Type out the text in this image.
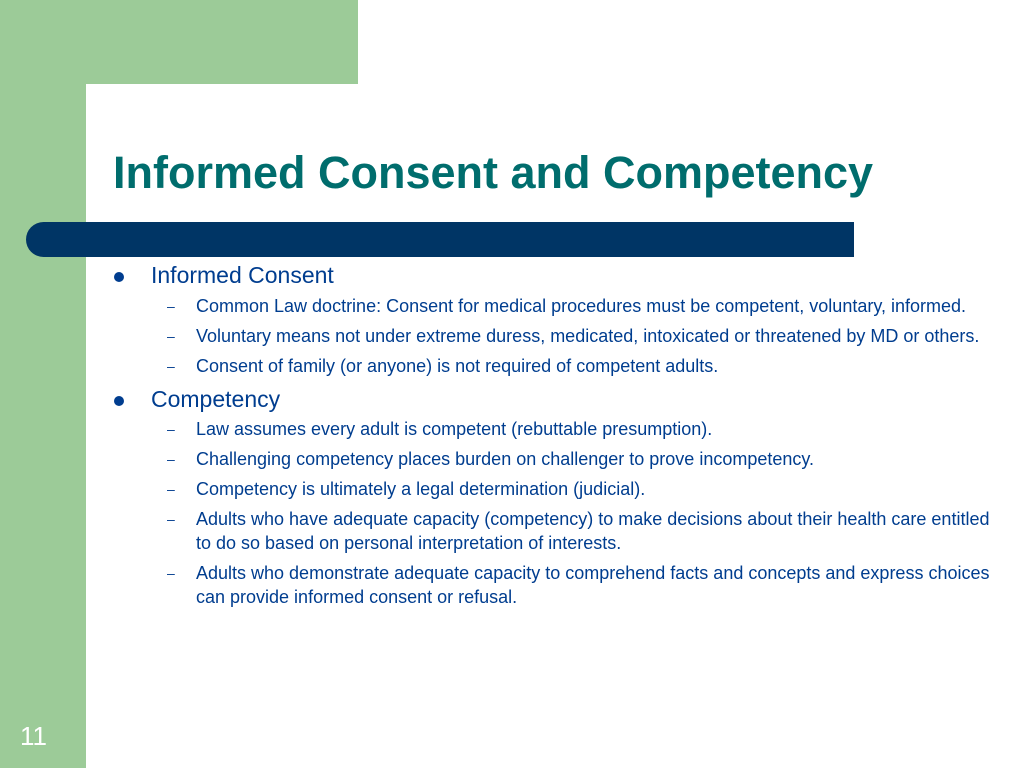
Informed Consent and Competency
Informed Consent
– Common Law doctrine: Consent for medical procedures must be competent, voluntary, informed.
– Voluntary means not under extreme duress, medicated, intoxicated or threatened by MD or others.
– Consent of family (or anyone) is not required of competent adults.
Competency
– Law assumes every adult is competent (rebuttable presumption).
– Challenging competency places burden on challenger to prove incompetency.
– Competency is ultimately a legal determination (judicial).
– Adults who have adequate capacity (competency) to make decisions about their health care entitled to do so based on personal interpretation of interests.
– Adults who demonstrate adequate capacity to comprehend facts and concepts and express choices can provide informed consent or refusal.
11
